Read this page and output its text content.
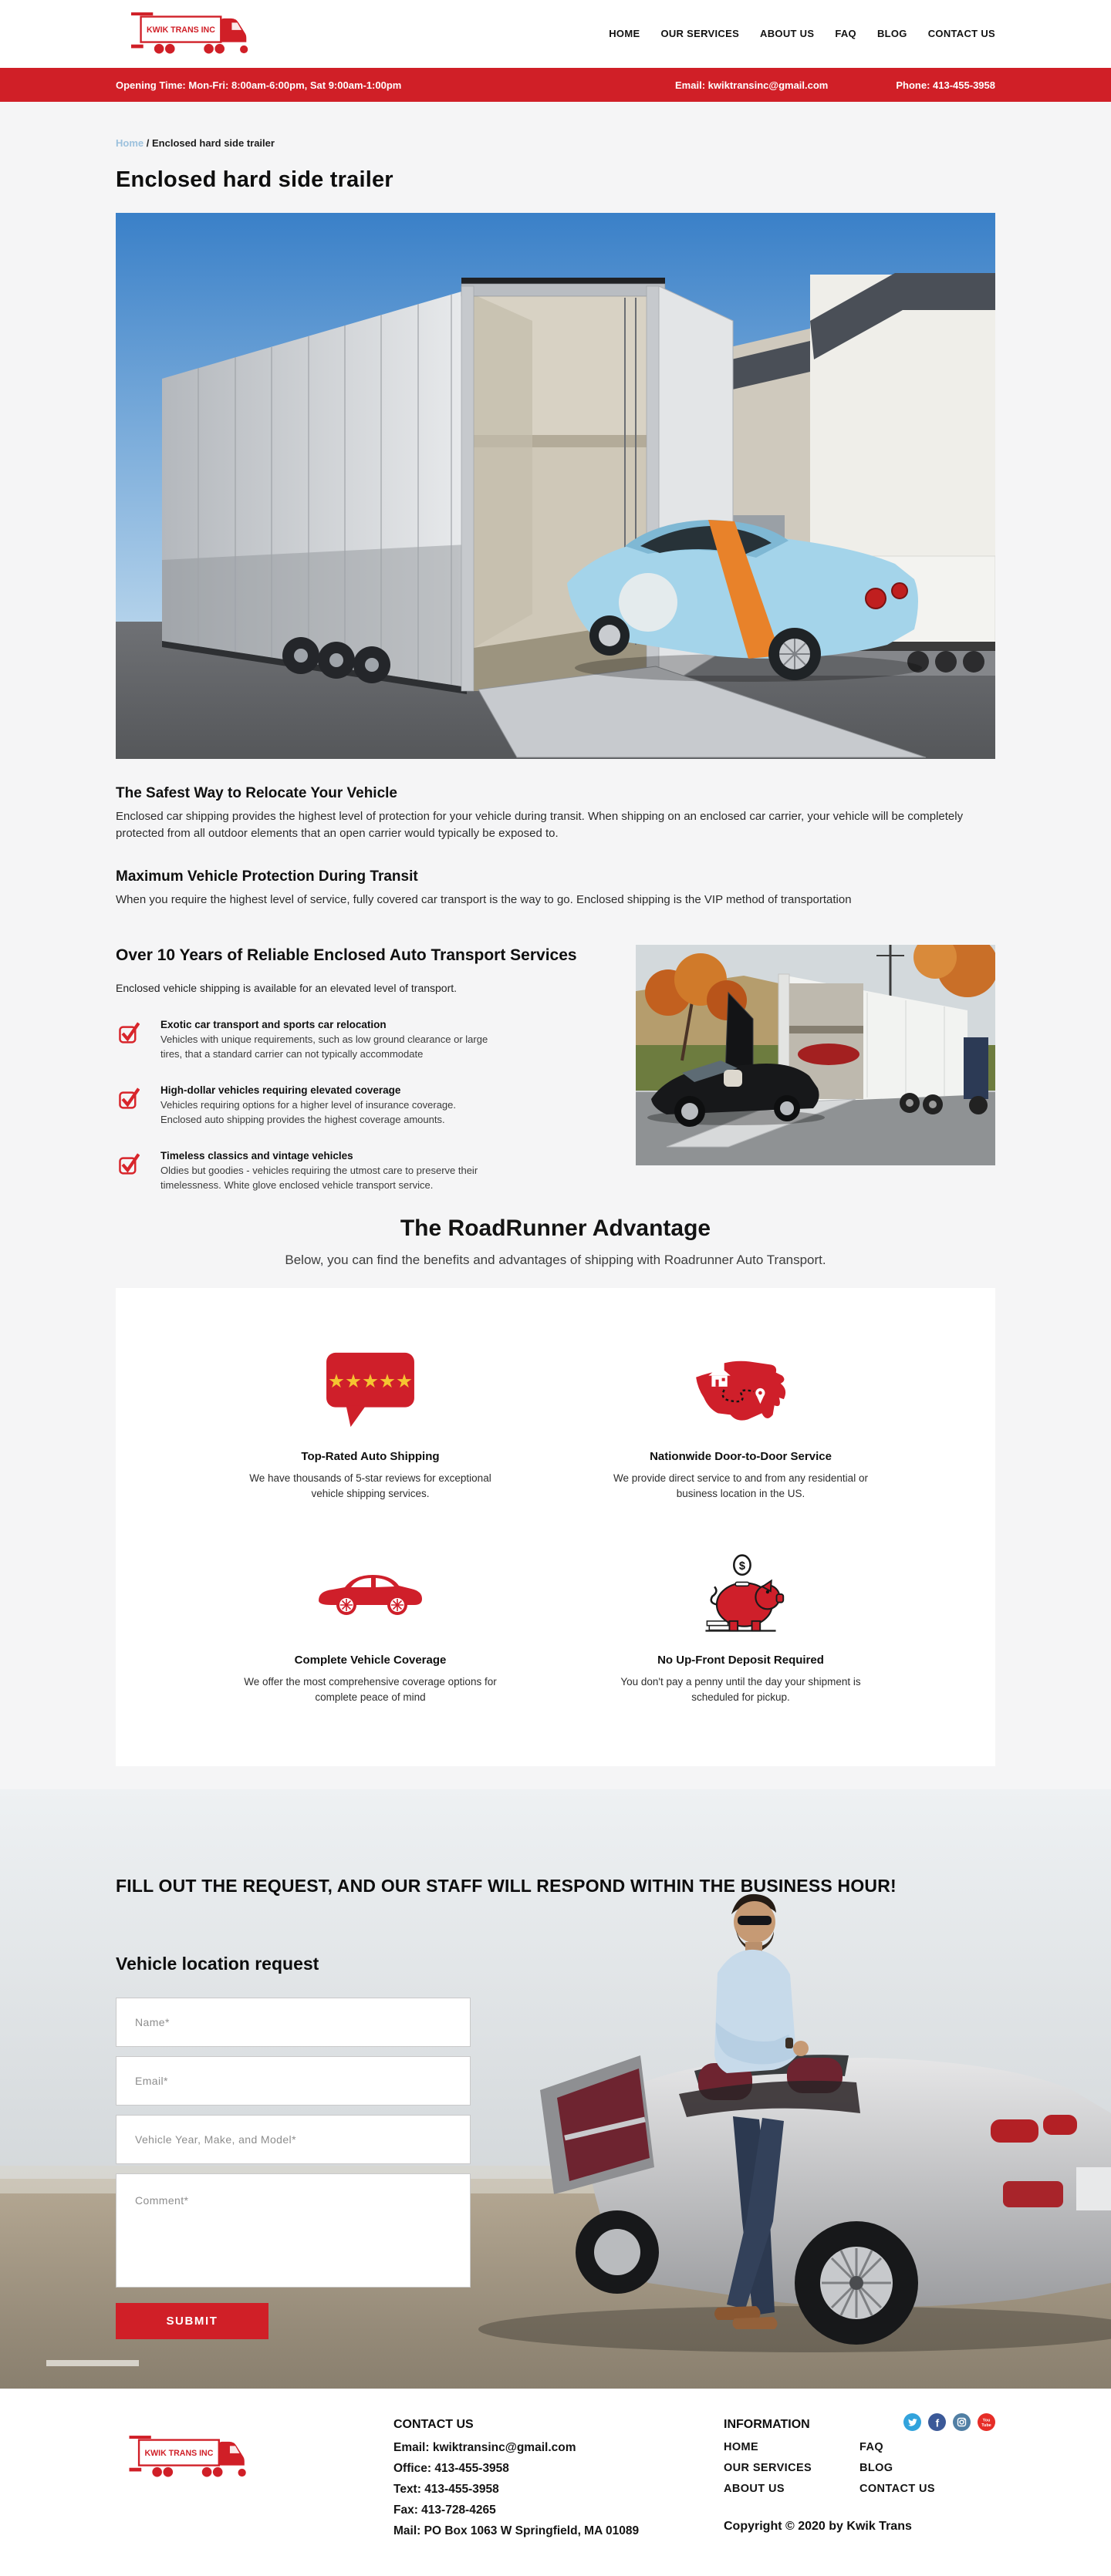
KWIK TRANS INC	HOME OUR SERVICES ABOUT US FAQ BLOG CONTACT US
Opening Time: Mon-Fri: 8:00am-6:00pm, Sat 9:00am-1:00pm	Email: kwiktransinc@gmail.com	Phone: 413-455-3958
Home / Enclosed hard side trailer
Enclosed hard side trailer
The Safest Way to Relocate Your Vehicle

Enclosed car shipping provides the highest level of protection for your vehicle during transit. When shipping on an enclosed car carrier, your vehicle will be completely protected from all outdoor elements that an open carrier would typically be exposed to.

Maximum Vehicle Protection During Transit

When you require the highest level of service, fully covered car transport is the way to go. Enclosed shipping is the VIP method of transportation

Over 10 Years of Reliable Enclosed Auto Transport Services

Enclosed vehicle shipping is available for an elevated level of transport.

Exotic car transport and sports car relocation

Vehicles with unique requirements, such as low ground clearance or large tires, that a standard carrier can not typically accommodate

High-dollar vehicles requiring elevated coverage

Vehicles requiring options for a higher level of insurance coverage. Enclosed auto shipping provides the highest coverage amounts.

Timeless classics and vintage vehicles

Oldies but goodies - vehicles requiring the utmost care to preserve their timelessness. White glove enclosed vehicle transport service.

The RoadRunner Advantage

Below, you can find the benefits and advantages of shipping with Roadrunner Auto Transport.

★★★★★
Top-Rated Auto Shipping

We have thousands of 5-star reviews for exceptional vehicle shipping services.

Nationwide Door-to-Door Service

We provide direct service to and from any residential or business location in the US.

Complete Vehicle Coverage

We offer the most comprehensive coverage options for complete peace of mind

$
No Up-Front Deposit Required

You don't pay a penny until the day your shipment is scheduled for pickup.

FILL OUT THE REQUEST, AND OUR STAFF WILL RESPOND WITHIN THE BUSINESS HOUR!
Vehicle location request
Name*
Email*
Vehicle Year, Make, and Model*
Comment*
SUBMIT
KWIK TRANS INC
CONTACT US

Email: kwiktransinc@gmail.com

Office: 413-455-3958

Text: 413-455-3958

Fax: 413-728-4265

Mail: PO Box 1063 W Springfield, MA 01089

INFORMATION
HOME
OUR SERVICES
ABOUT US
FAQ
BLOG
CONTACT US
Copyright © 2020 by Kwik Trans
f	You
Tube
